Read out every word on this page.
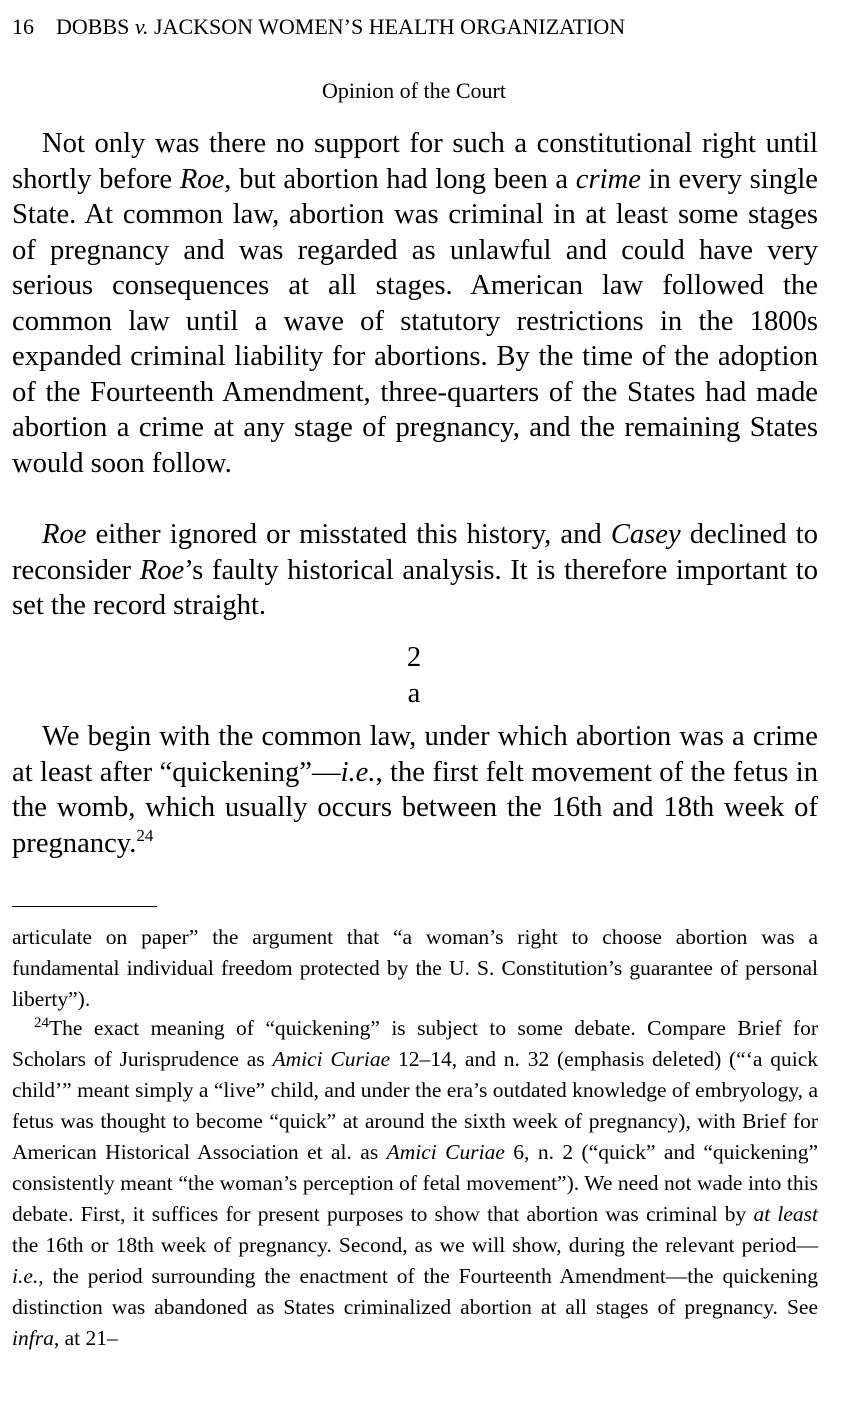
16 DOBBS v. JACKSON WOMEN’S HEALTH ORGANIZATION
Opinion of the Court

Not only was there no support for such a constitutional right until shortly before Roe, but abortion had long been a crime in every single State. At common law, abortion was criminal in at least some stages of pregnancy and was regarded as unlawful and could have very serious consequences at all stages. American law followed the common law until a wave of statutory restrictions in the 1800s expanded criminal liability for abortions. By the time of the adoption of the Fourteenth Amendment, three-quarters of the States had made abortion a crime at any stage of pregnancy, and the remaining States would soon follow.

Roe either ignored or misstated this history, and Casey declined to reconsider Roe’s faulty historical analysis. It is therefore important to set the record straight.

2
a

We begin with the common law, under which abortion was a crime at least after “quickening”—i.e., the first felt movement of the fetus in the womb, which usually occurs between the 16th and 18th week of pregnancy.$^{24}$

articulate on paper” the argument that “a woman’s right to choose abortion was a fundamental individual freedom protected by the U. S. Constitution’s guarantee of personal liberty”).

$^{24}$The exact meaning of “quickening” is subject to some debate. Compare Brief for Scholars of Jurisprudence as Amici Curiae 12–14, and n. 32 (emphasis deleted) (“‘a quick child’” meant simply a “live” child, and under the era’s outdated knowledge of embryology, a fetus was thought to become “quick” at around the sixth week of pregnancy), with Brief for American Historical Association et al. as Amici Curiae 6, n. 2 (“quick” and “quickening” consistently meant “the woman’s perception of fetal movement”). We need not wade into this debate. First, it suffices for present purposes to show that abortion was criminal by at least the 16th or 18th week of pregnancy. Second, as we will show, during the relevant period—i.e., the period surrounding the enactment of the Fourteenth Amendment—the quickening distinction was abandoned as States criminalized abortion at all stages of pregnancy. See infra, at 21–
